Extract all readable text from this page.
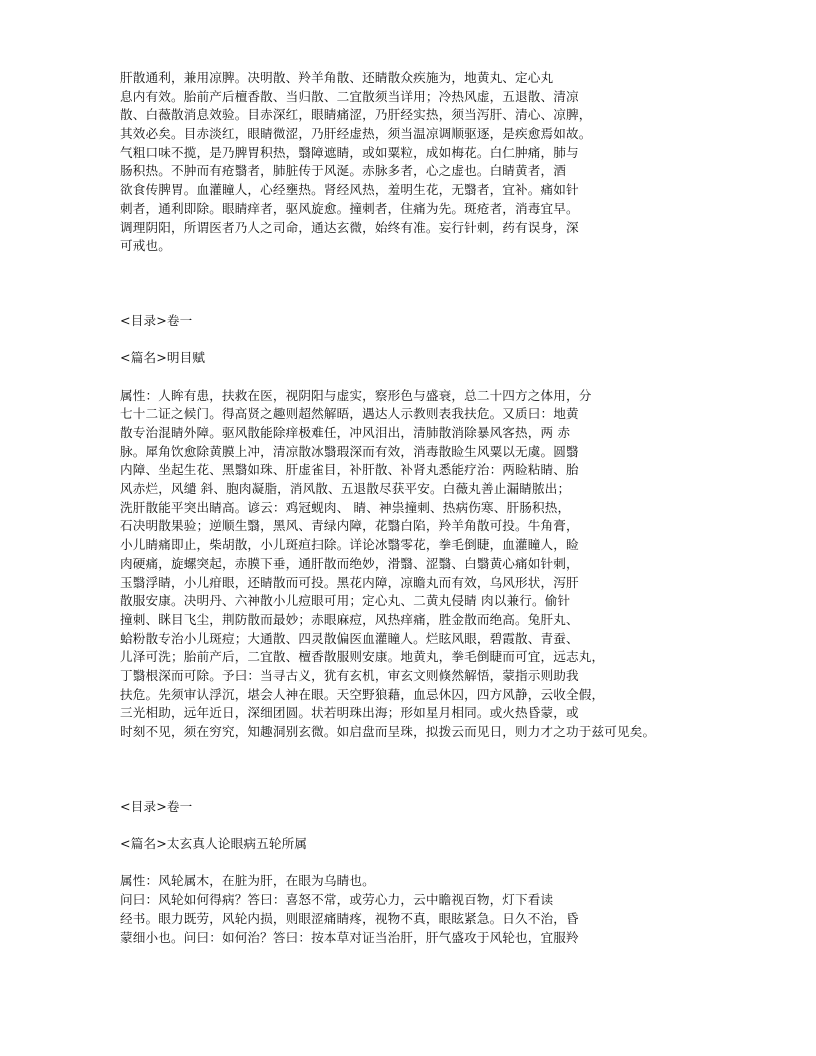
肝散通利，兼用凉脾。决明散、羚羊角散、还睛散众疾施为，地黄丸、定心丸
息内有效。胎前产后檀香散、当归散、二宜散须当详用；冷热风虚，五退散、清凉
散、白薇散消息效验。目赤深红，眼睛痛涩，乃肝经实热，须当泻肝、清心、凉脾，
其效必矣。目赤淡红，眼睛微涩，乃肝经虚热，须当温凉调顺驱逐，是疾愈焉如故。
气粗口味不揽，是乃脾胃积热，翳障遮睛，或如粟粒，成如梅花。白仁肿痛，肺与
肠积热。不肿而有疮翳者，肺脏传于风涎。赤脉多者，心之虚也。白睛黄者，酒
欲食传脾胃。血灌瞳人，心经壅热。肾经风热，羞明生花，无翳者，宜补。痛如针
刺者，通利即除。眼睛痒者，驱风旋愈。撞刺者，住痛为先。斑疮者，消毒宜早。
调理阴阳，所谓医者乃人之司命，通达玄微，始终有准。妄行针刺，药有误身，深
可戒也。
<目录>卷一
<篇名>明目赋
属性：人眸有患，扶救在医，视阴阳与虚实，察形色与盛衰，总二十四方之体用，分
七十二证之候门。得高贤之趣则超然解晤，遇达人示教则表我扶危。又质曰：地黄
散专治混睛外障。驱风散能除痒极难任，冲风泪出，清肺散消除暴风客热，两 赤
脉。犀角饮愈除黄膜上冲，清凉散冰翳瑕深而有效，消毒散睑生风粟以无虞。圆翳
内障、坐起生花、黑翳如珠、肝虚雀目，补肝散、补肾丸悉能疗治：两睑粘睛、胎
风赤烂，风缱 斜、胞肉凝脂，消风散、五退散尽获平安。白薇丸善止漏睛脓出；
洗肝散能平突出睛高。谚云：鸡冠蚬肉、 睛、神祟撞刺、热病伤寒、肝肠积热，
石决明散果验；逆顺生翳，黑风、青绿内障，花翳白陷，羚羊角散可投。牛角膏，
小儿睛痛即止，柴胡散，小儿斑疸扫除。详论冰翳零花，拳毛倒睫，血灌瞳人，睑
肉硬痛，旋螺突起，赤膜下垂，通肝散而绝妙，滑翳、涩翳、白翳黄心痛如针刺，
玉翳浮睛，小儿疳眼，还睛散而可投。黑花内障，凉瞻丸而有效，乌风形状，泻肝
散服安康。决明丹、六神散小儿痘眼可用；定心丸、二黄丸侵睛 肉以兼行。偷针
撞刺、眯目飞尘，荆防散而最妙；赤眼麻痘，风热痒痛，胜金散而绝高。兔肝丸、
蛤粉散专治小儿斑痘；大通散、四灵散偏医血灌瞳人。烂眩风眼，碧霞散、青蚕、
儿泽可洗；胎前产后，二宜散、檀香散服则安康。地黄丸，拳毛倒睫而可宜，远志丸，
丁翳根深而可除。予曰：当寻古义，犹有玄机，审玄文则倏然解悟，蒙指示则助我
扶危。先须审认浮沉，堪会人神在眼。天空野狼藉，血忌休囚，四方风静，云收全假，
三光相助，远年近日，深细团圆。状若明珠出海；形如星月相同。或火热昏蒙，或
时刻不见，须在穷究，知趣洞别玄微。如启盘而呈珠，拟拨云而见日，则力才之功于兹可见矣。
<目录>卷一
<篇名>太玄真人论眼病五轮所属
属性：风轮属木，在脏为肝，在眼为乌睛也。
问曰：风轮如何得病？答曰：喜怒不常，或劳心力，云中瞻视百物，灯下看读
经书。眼力既劳，风轮内损，则眼涩痛睛疼，视物不真，眼眩紧急。日久不治，昏
蒙细小也。问曰：如何治？答曰：按本草对证当治肝，肝气盛攻于风轮也，宜服羚
